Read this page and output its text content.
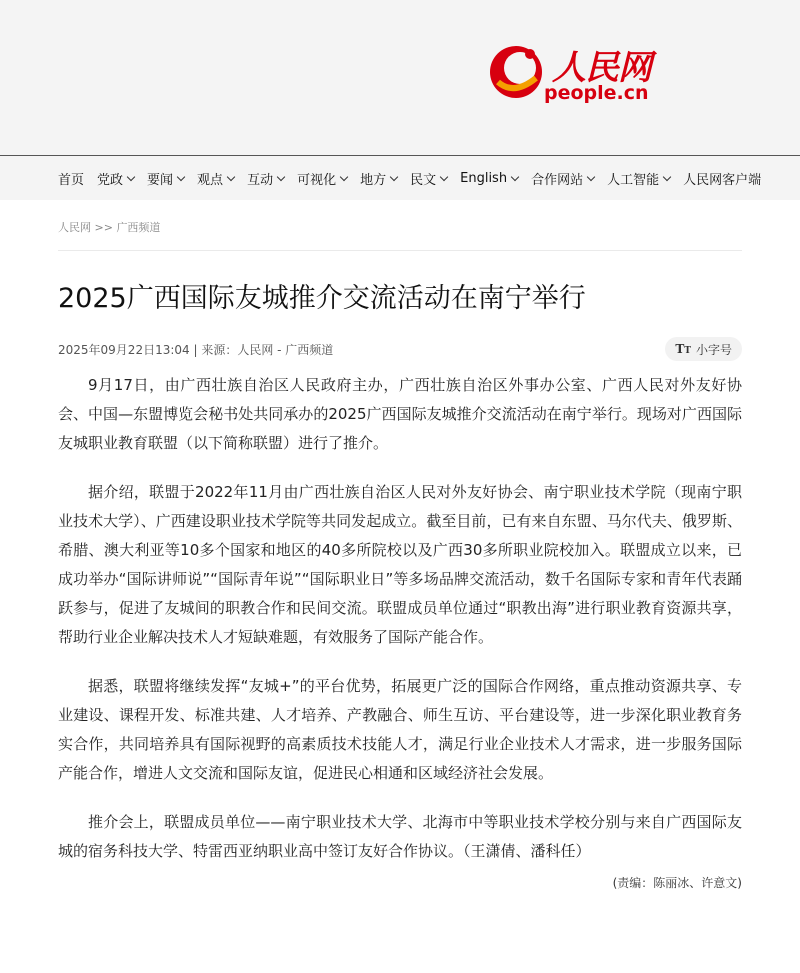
人民网
people.cn
首页 党政 要闻 观点 互动 可视化 地方 民文 English 合作网站 人工智能 人民网客户端
人民网 >> 广西频道
2025广西国际友城推介交流活动在南宁举行
2025年09月22日13:04 | 来源：人民网 - 广西频道	TT 小字号

9月17日，由广西壮族自治区人民政府主办，广西壮族自治区外事办公室、广西人民对外友好协会、中国—东盟博览会秘书处共同承办的2025广西国际友城推介交流活动在南宁举行。现场对广西国际友城职业教育联盟（以下简称联盟）进行了推介。

据介绍，联盟于2022年11月由广西壮族自治区人民对外友好协会、南宁职业技术学院（现南宁职业技术大学）、广西建设职业技术学院等共同发起成立。截至目前，已有来自东盟、马尔代夫、俄罗斯、希腊、澳大利亚等10多个国家和地区的40多所院校以及广西30多所职业院校加入。联盟成立以来，已成功举办“国际讲师说”“国际青年说”“国际职业日”等多场品牌交流活动，数千名国际专家和青年代表踊跃参与，促进了友城间的职教合作和民间交流。联盟成员单位通过“职教出海”进行职业教育资源共享，帮助行业企业解决技术人才短缺难题，有效服务了国际产能合作。

据悉，联盟将继续发挥“友城+”的平台优势，拓展更广泛的国际合作网络，重点推动资源共享、专业建设、课程开发、标准共建、人才培养、产教融合、师生互访、平台建设等，进一步深化职业教育务实合作，共同培养具有国际视野的高素质技术技能人才，满足行业企业技术人才需求，进一步服务国际产能合作，增进人文交流和国际友谊，促进民心相通和区域经济社会发展。

推介会上，联盟成员单位——南宁职业技术大学、北海市中等职业技术学校分别与来自广西国际友城的宿务科技大学、特雷西亚纳职业高中签订友好合作协议。（王潇倩、潘科任）

(责编：陈丽冰、许意文)
